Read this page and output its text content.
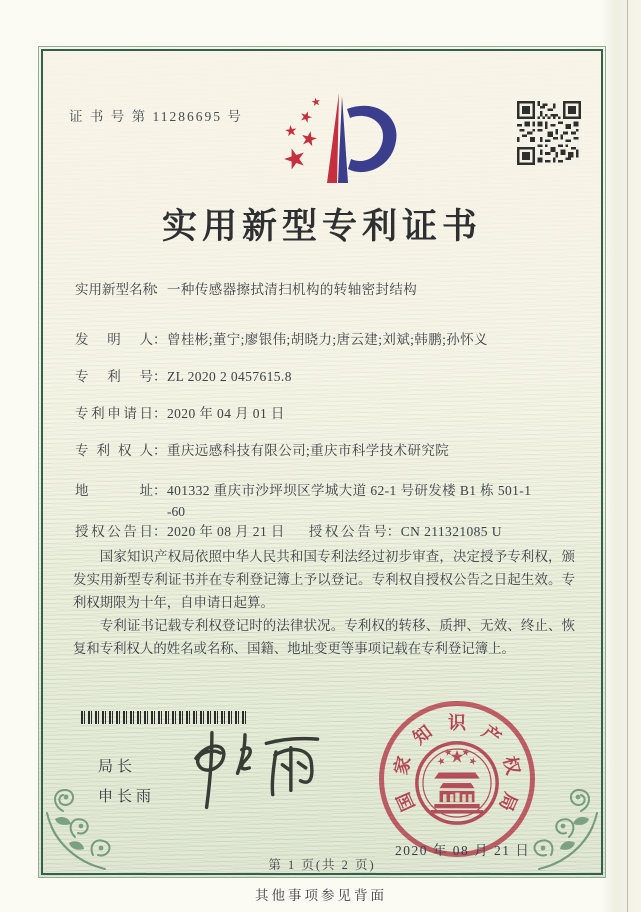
证 书 号 第 11286695 号
实用新型专利证书
实用新型名称：一种传感器擦拭清扫机构的转轴密封结构
发明人：曾桂彬;董宁;廖银伟;胡晓力;唐云建;刘斌;韩鹏;孙怀义
专利号：ZL 2020 2 0457615.8
专利申请日：2020 年 04 月 01 日
专利权人：重庆远感科技有限公司;重庆市科学技术研究院
地址：401332 重庆市沙坪坝区学城大道 62-1 号研发楼 B1 栋 501-1
-60
授权公告日：2020 年 08 月 21 日 授权公告号：CN 211321085 U

国家知识产权局依照中华人民共和国专利法经过初步审查，决定授予专利权，颁发实用新型专利证书并在专利登记簿上予以登记。专利权自授权公告之日起生效。专利权期限为十年，自申请日起算。

专利证书记载专利权登记时的法律状况。专利权的转移、质押、无效、终止、恢复和专利权人的姓名或名称、国籍、地址变更等事项记载在专利登记簿上。

局长
申长雨	国
家
知 识 产
权
局
2020 年 08 月 21 日
第 1 页(共 2 页)
其他事项参见背面
